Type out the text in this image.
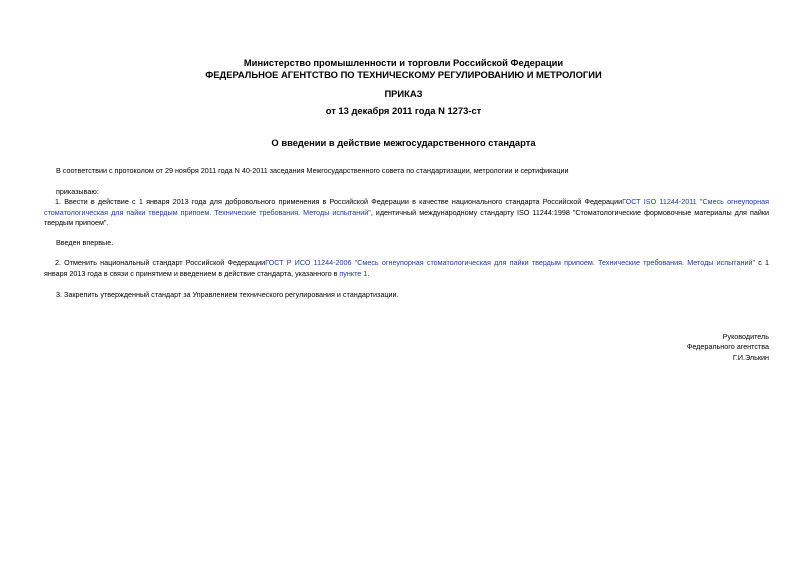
Министерство промышленности и торговли Российской Федерации
ФЕДЕРАЛЬНОЕ АГЕНТСТВО ПО ТЕХНИЧЕСКОМУ РЕГУЛИРОВАНИЮ И МЕТРОЛОГИИ
ПРИКАЗ
от 13 декабря 2011 года N 1273-ст
О введении в действие межгосударственного стандарта
В соответствии с протоколом от 29 ноября 2011 года N 40-2011 заседания Межгосударственного совета по стандартизации, метрологии и сертификации
приказываю:
1. Ввести в действие с 1 января 2013 года для добровольного применения в Российской Федерации в качестве национального стандарта Российской ФедерацииГОСТ ISO 11244-2011 "Смесь огнеупорная стоматологическая для пайки твердым припоем. Технические требования. Методы испытаний", идентичный международному стандарту ISO 11244:1998 "Стоматологические формовочные материалы для пайки твердым припоем".
Введен впервые.
2. Отменить национальный стандарт Российской ФедерацииГОСТ Р ИСО 11244-2006 "Смесь огнеупорная стоматологическая для пайки твердым припоем. Технические требования. Методы испытаний" с 1 января 2013 года в связи с принятием и введением в действие стандарта, указанного в пункте 1.
3. Закрепить утвержденный стандарт за Управлением технического регулирования и стандартизации.
Руководитель
Федерального агентства
Г.И.Элькин
